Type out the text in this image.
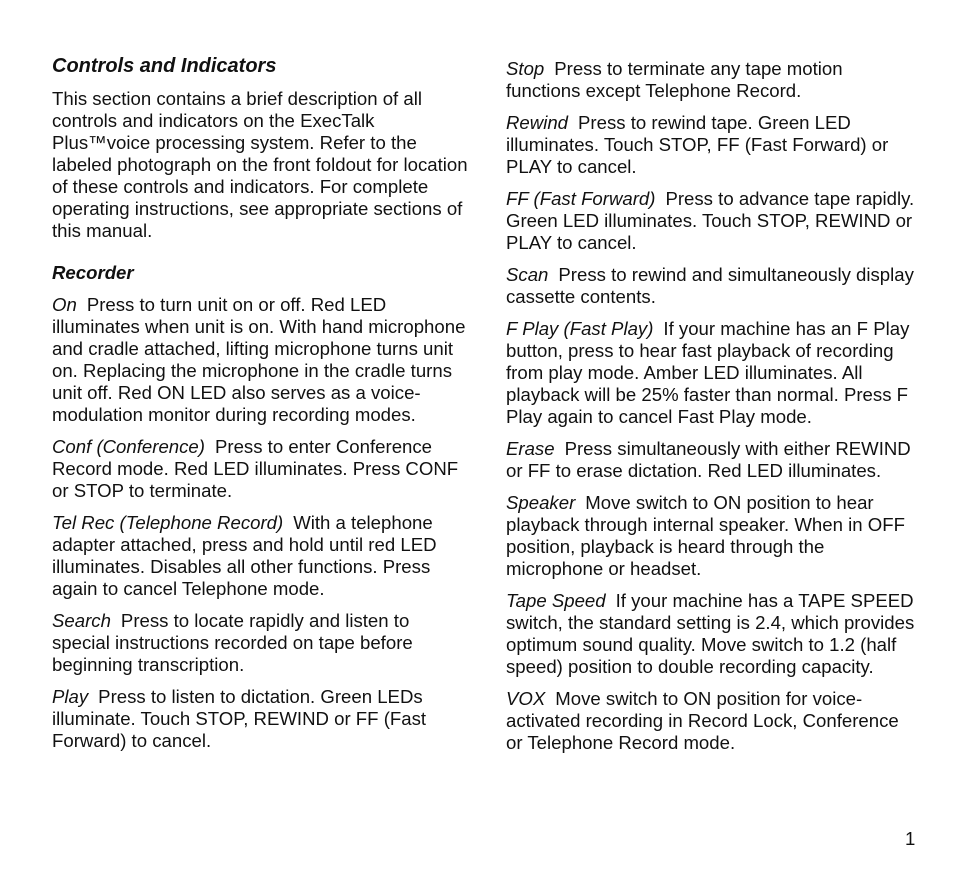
Controls and Indicators
This section contains a brief description of all controls and indicators on the ExecTalk Plus™voice processing system. Refer to the labeled photograph on the front foldout for location of these controls and indicators. For complete operating instructions, see appropriate sections of this manual.
Recorder
On Press to turn unit on or off. Red LED illuminates when unit is on. With hand microphone and cradle attached, lifting microphone turns unit on. Replacing the microphone in the cradle turns unit off. Red ON LED also serves as a voice-modulation monitor during recording modes.
Conf (Conference) Press to enter Conference Record mode. Red LED illuminates. Press CONF or STOP to terminate.
Tel Rec (Telephone Record) With a telephone adapter attached, press and hold until red LED illuminates. Disables all other functions. Press again to cancel Telephone mode.
Search Press to locate rapidly and listen to special instructions recorded on tape before beginning transcription.
Play Press to listen to dictation. Green LEDs illuminate. Touch STOP, REWIND or FF (Fast Forward) to cancel.
Stop Press to terminate any tape motion functions except Telephone Record.
Rewind Press to rewind tape. Green LED illuminates. Touch STOP, FF (Fast Forward) or PLAY to cancel.
FF (Fast Forward) Press to advance tape rapidly. Green LED illuminates. Touch STOP, REWIND or PLAY to cancel.
Scan Press to rewind and simultaneously display cassette contents.
F Play (Fast Play) If your machine has an F Play button, press to hear fast playback of recording from play mode. Amber LED illuminates. All playback will be 25% faster than normal. Press F Play again to cancel Fast Play mode.
Erase Press simultaneously with either REWIND or FF to erase dictation. Red LED illuminates.
Speaker Move switch to ON position to hear playback through internal speaker. When in OFF position, playback is heard through the microphone or headset.
Tape Speed If your machine has a TAPE SPEED switch, the standard setting is 2.4, which provides optimum sound quality. Move switch to 1.2 (half speed) position to double recording capacity.
VOX Move switch to ON position for voice-activated recording in Record Lock, Conference or Telephone Record mode.
1
